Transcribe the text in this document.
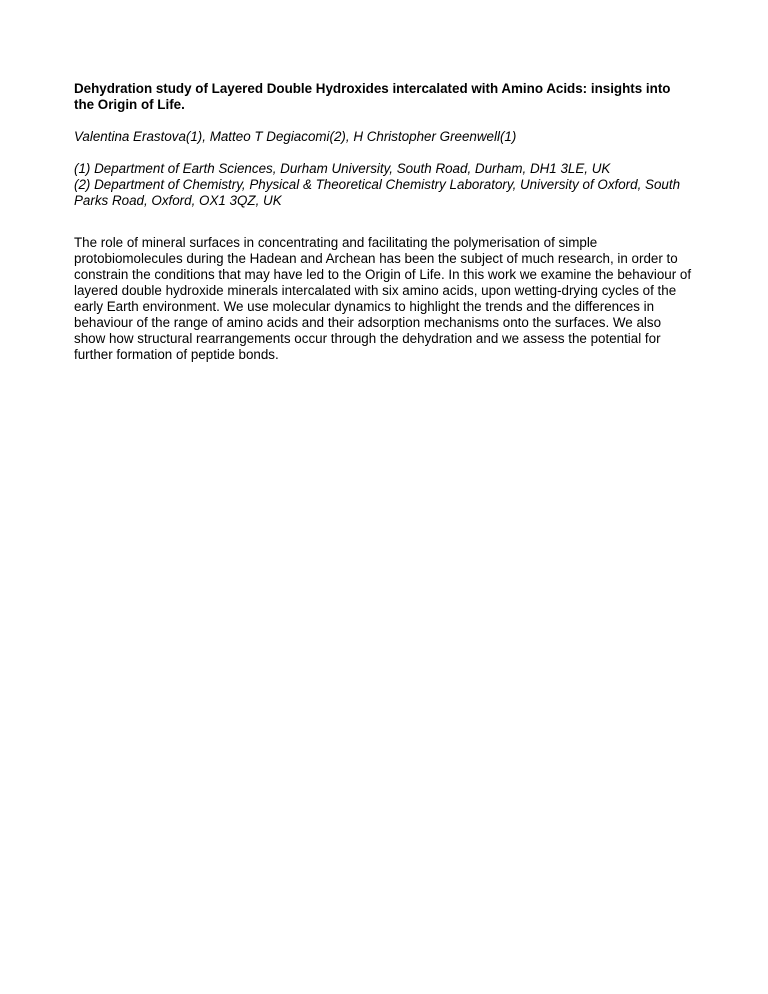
Dehydration study of Layered Double Hydroxides intercalated with Amino Acids: insights into the Origin of Life.

Valentina Erastova(1), Matteo T Degiacomi(2), H Christopher Greenwell(1)

(1) Department of Earth Sciences, Durham University, South Road, Durham, DH1 3LE, UK
(2) Department of Chemistry, Physical & Theoretical Chemistry Laboratory, University of Oxford, South Parks Road, Oxford, OX1 3QZ, UK

The role of mineral surfaces in concentrating and facilitating the polymerisation of simple protobiomolecules during the Hadean and Archean has been the subject of much research, in order to constrain the conditions that may have led to the Origin of Life. In this work we examine the behaviour of layered double hydroxide minerals intercalated with six amino acids, upon wetting-drying cycles of the early Earth environment. We use molecular dynamics to highlight the trends and the differences in behaviour of the range of amino acids and their adsorption mechanisms onto the surfaces. We also show how structural rearrangements occur through the dehydration and we assess the potential for further formation of peptide bonds.
